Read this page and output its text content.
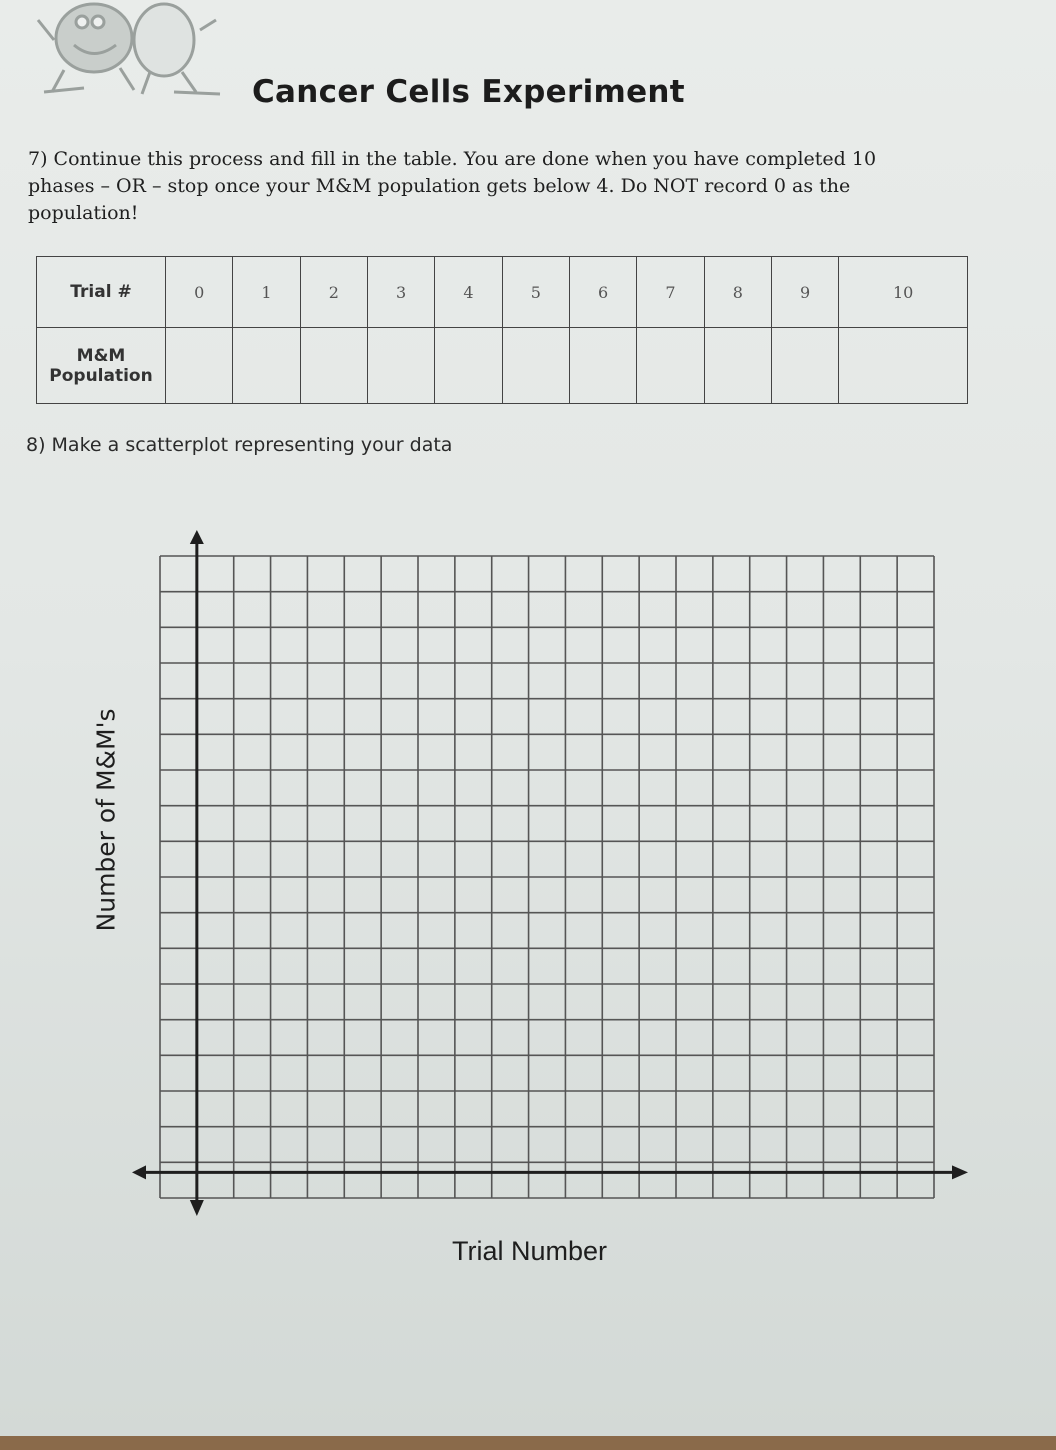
Cancer Cells Experiment
7) Continue this process and fill in the table. You are done when you have completed 10
phases – OR – stop once your M&M population gets below 4. Do NOT record 0 as the
population!
Trial #	0	1	2	3	4	5	6	7	8	9	10

M&M
Population											

8) Make a scatterplot representing your data
Number of M&M's
Trial Number
